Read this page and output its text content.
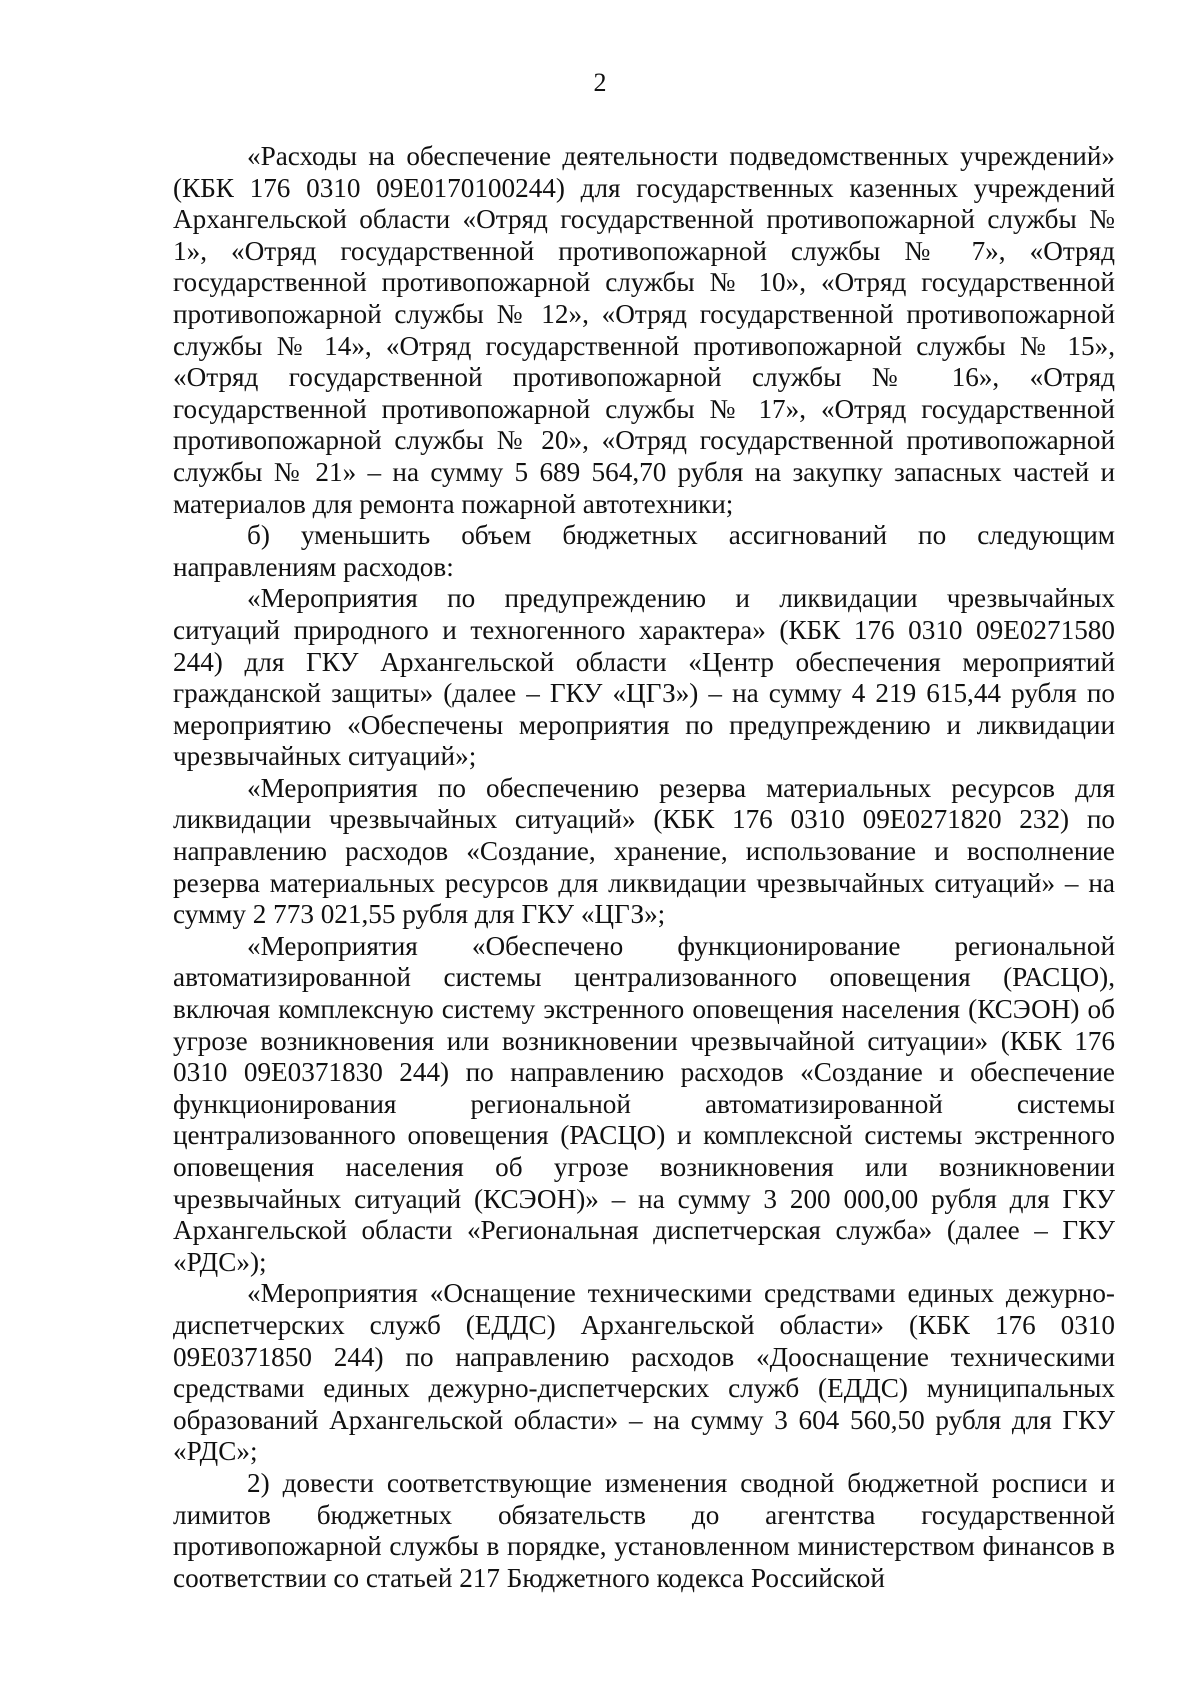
2

«Расходы на обеспечение деятельности подведомственных учреждений» (КБК 176 0310 09Е0170100244) для государственных казенных учреждений Архангельской области «Отряд государственной противопожарной службы № 1», «Отряд государственной противопожарной службы № 7», «Отряд государственной противопожарной службы № 10», «Отряд государственной противопожарной службы № 12», «Отряд государственной противопожарной службы № 14», «Отряд государственной противопожарной службы № 15», «Отряд государственной противопожарной службы № 16», «Отряд государственной противопожарной службы № 17», «Отряд государственной противопожарной службы № 20», «Отряд государственной противопожарной службы № 21» – на сумму 5 689 564,70 рубля на закупку запасных частей и материалов для ремонта пожарной автотехники;

б) уменьшить объем бюджетных ассигнований по следующим направлениям расходов:

«Мероприятия по предупреждению и ликвидации чрезвычайных ситуаций природного и техногенного характера» (КБК 176 0310 09Е0271580 244) для ГКУ Архангельской области «Центр обеспечения мероприятий гражданской защиты» (далее – ГКУ «ЦГЗ») – на сумму 4 219 615,44 рубля по мероприятию «Обеспечены мероприятия по предупреждению и ликвидации чрезвычайных ситуаций»;

«Мероприятия по обеспечению резерва материальных ресурсов для ликвидации чрезвычайных ситуаций» (КБК 176 0310 09Е0271820 232) по направлению расходов «Создание, хранение, использование и восполнение резерва материальных ресурсов для ликвидации чрезвычайных ситуаций» – на сумму 2 773 021,55 рубля для ГКУ «ЦГЗ»;

«Мероприятия «Обеспечено функционирование региональной автоматизированной системы централизованного оповещения (РАСЦО), включая комплексную систему экстренного оповещения населения (КСЭОН) об угрозе возникновения или возникновении чрезвычайной ситуации» (КБК 176 0310 09Е0371830 244) по направлению расходов «Создание и обеспечение функционирования региональной автоматизированной системы централизованного оповещения (РАСЦО) и комплексной системы экстренного оповещения населения об угрозе возникновения или возникновении чрезвычайных ситуаций (КСЭОН)» – на сумму 3 200 000,00 рубля для ГКУ Архангельской области «Региональная диспетчерская служба» (далее – ГКУ «РДС»);

«Мероприятия «Оснащение техническими средствами единых дежурно-диспетчерских служб (ЕДДС) Архангельской области» (КБК 176 0310 09Е0371850 244) по направлению расходов «Дооснащение техническими средствами единых дежурно-диспетчерских служб (ЕДДС) муниципальных образований Архангельской области» – на сумму 3 604 560,50 рубля для ГКУ «РДС»;

2) довести соответствующие изменения сводной бюджетной росписи и лимитов бюджетных обязательств до агентства государственной противопожарной службы в порядке, установленном министерством финансов в соответствии со статьей 217 Бюджетного кодекса Российской
